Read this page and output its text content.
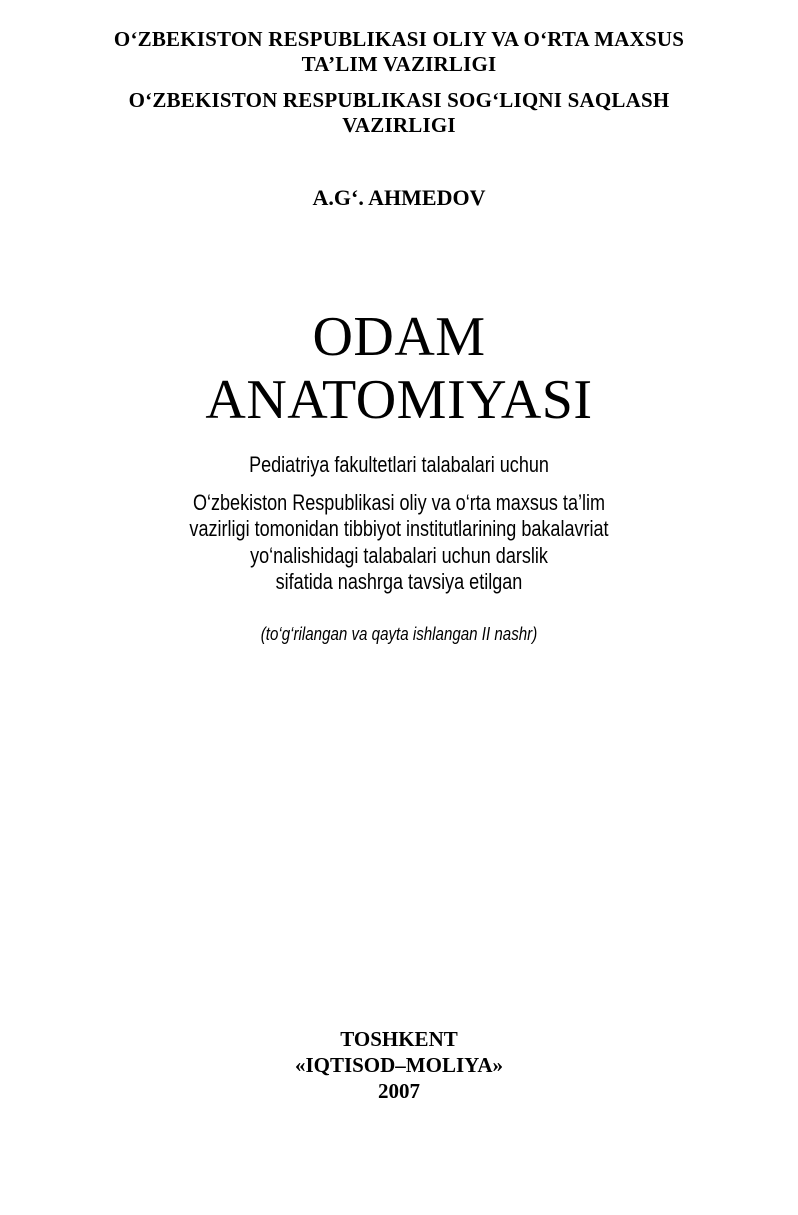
O‘ZBEKISTON RESPUBLIKASI OLIY VA O‘RTA MAXSUS
TA’LIM VAZIRLIGI
O‘ZBEKISTON RESPUBLIKASI SOG‘LIQNI SAQLASH
VAZIRLIGI
A.G‘. AHMEDOV
ODAM
ANATOMIYASI
Pediatriya fakultetlari talabalari uchun
O‘zbekiston Respublikasi oliy va o‘rta maxsus ta’lim
vazirligi tomonidan tibbiyot institutlarining bakalavriat
yo‘nalishidagi talabalari uchun darslik
sifatida nashrga tavsiya etilgan
(to‘g‘rilangan va qayta ishlangan II nashr)
TOSHKENT
«IQTISOD–MOLIYA»
2007
